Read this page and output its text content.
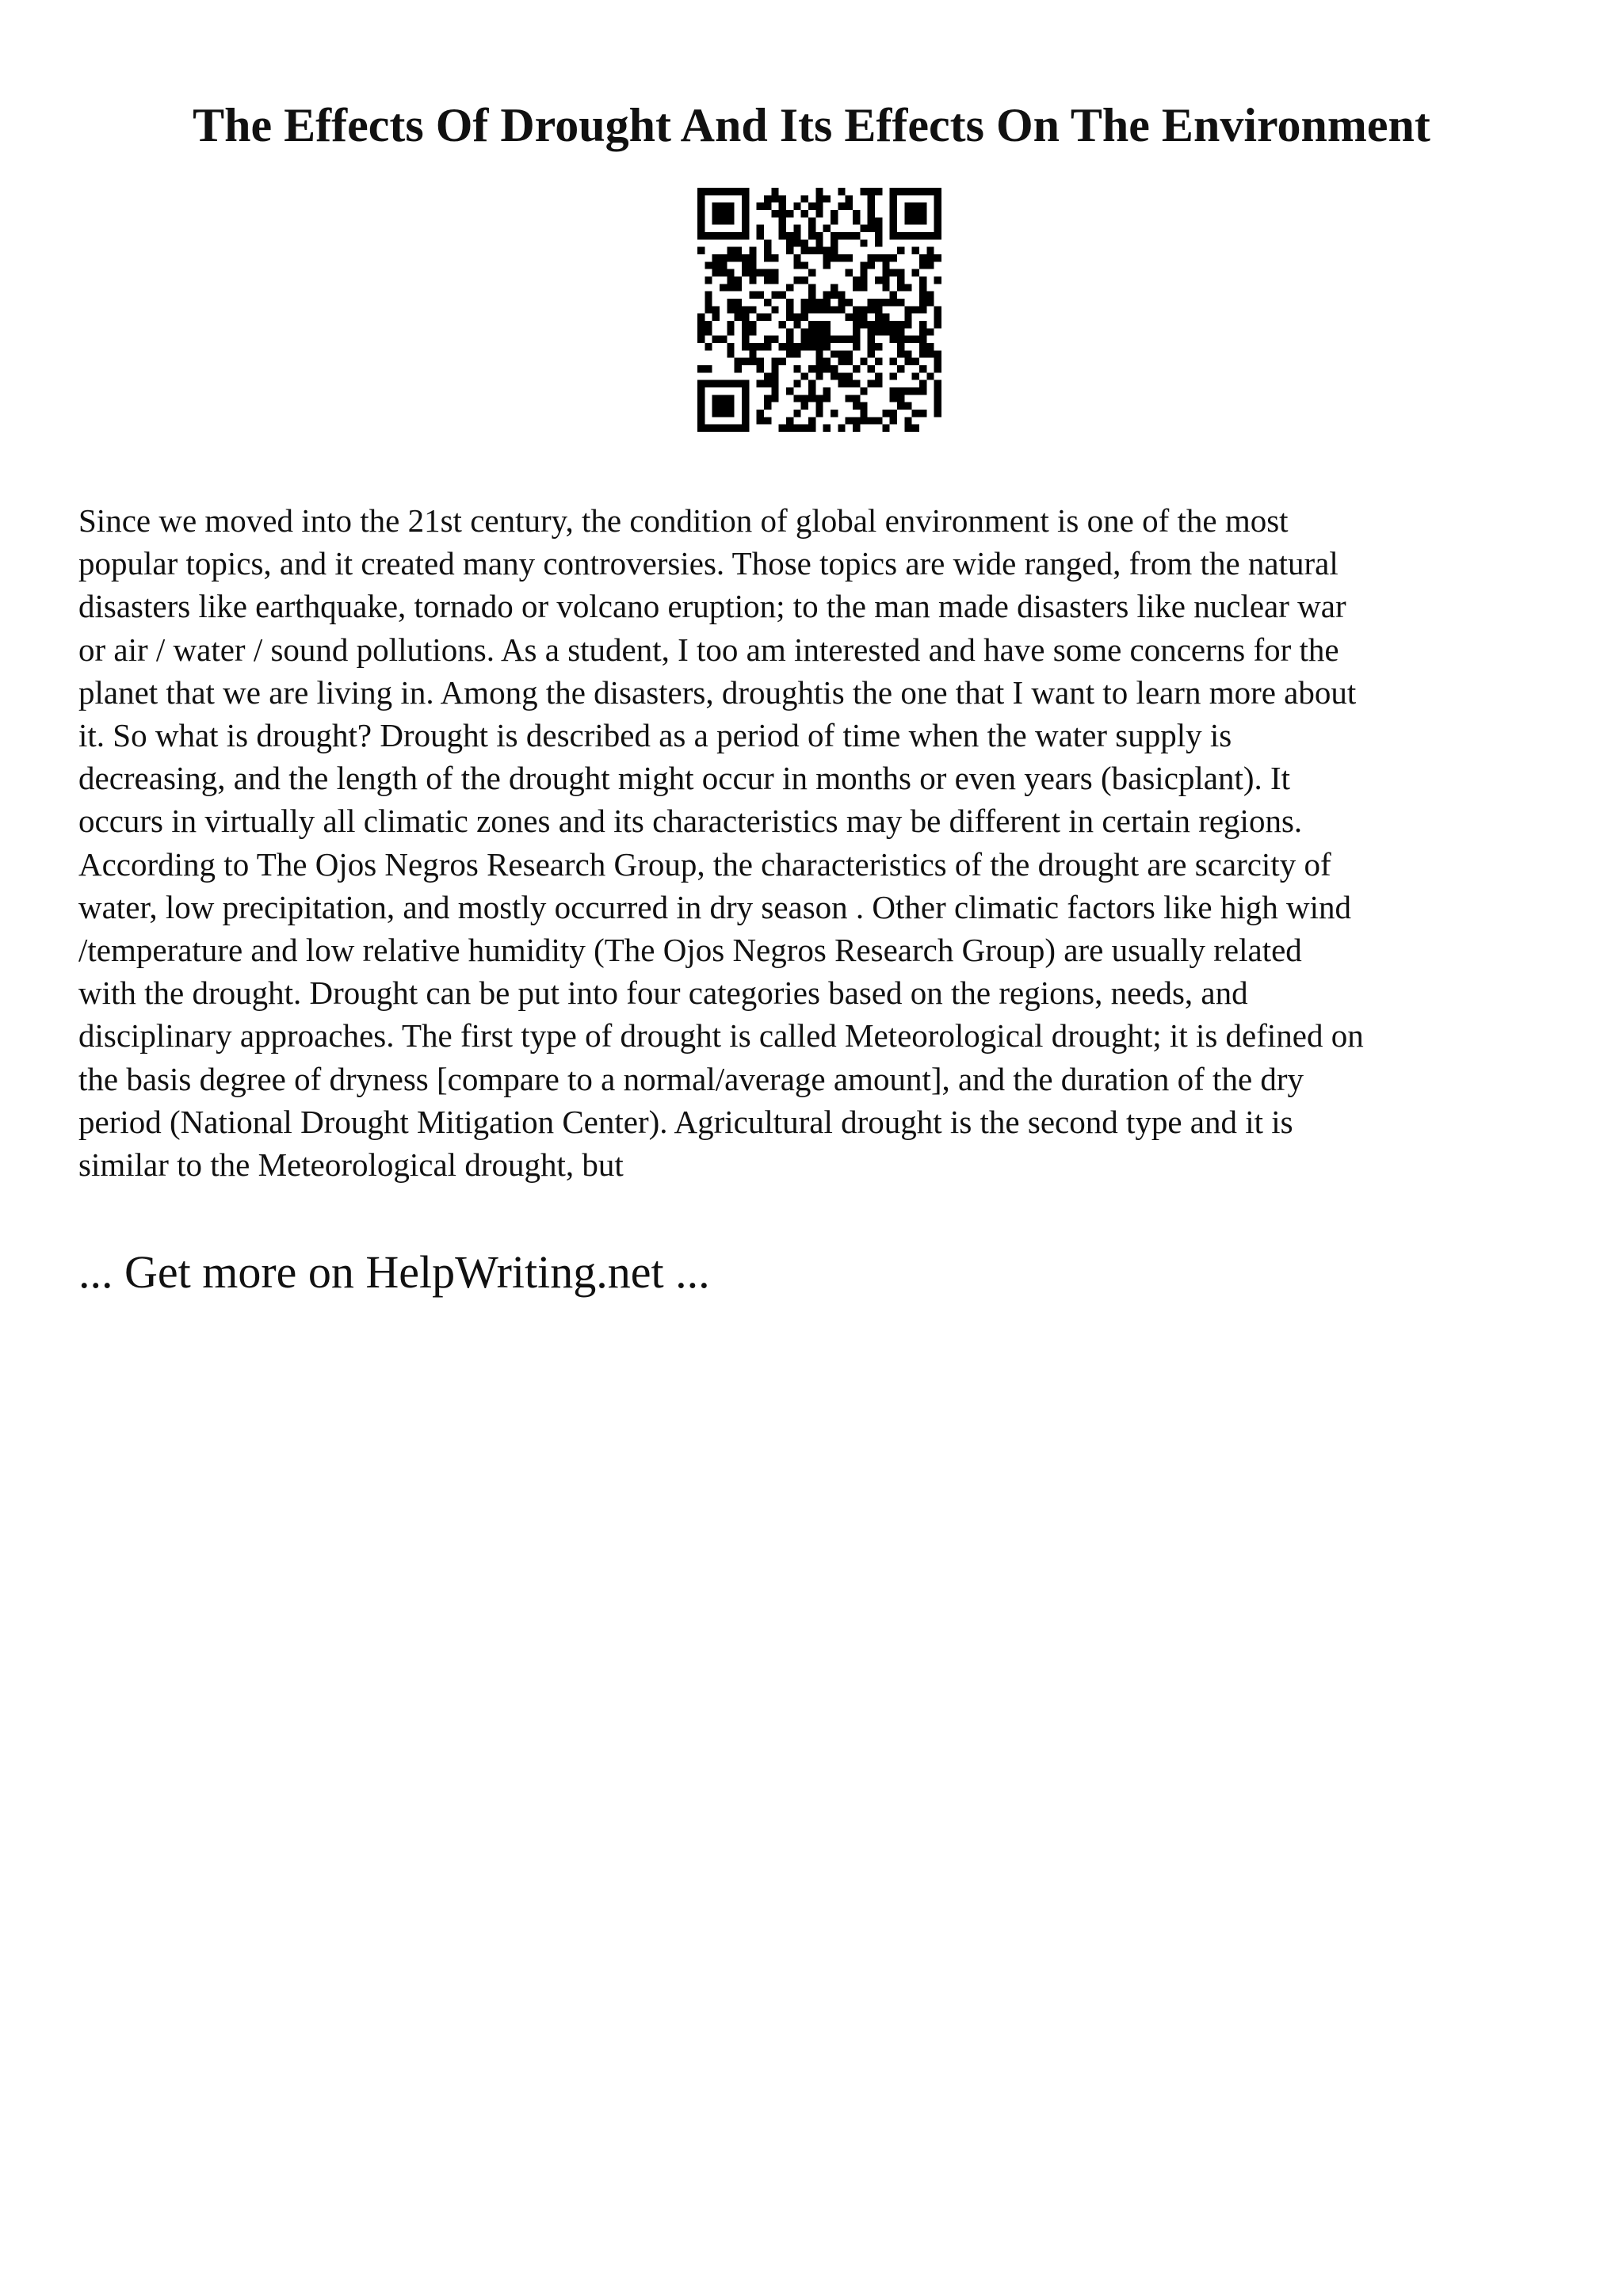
The Effects Of Drought And Its Effects On The Environment

Since we moved into the 21st century, the condition of global environment is one of the most
popular topics, and it created many controversies. Those topics are wide ranged, from the natural
disasters like earthquake, tornado or volcano eruption; to the man made disasters like nuclear war
or air / water / sound pollutions. As a student, I too am interested and have some concerns for the
planet that we are living in. Among the disasters, droughtis the one that I want to learn more about
it. So what is drought? Drought is described as a period of time when the water supply is
decreasing, and the length of the drought might occur in months or even years (basicplant). It
occurs in virtually all climatic zones and its characteristics may be different in certain regions.
According to The Ojos Negros Research Group, the characteristics of the drought are scarcity of
water, low precipitation, and mostly occurred in dry season . Other climatic factors like high wind
/temperature and low relative humidity (The Ojos Negros Research Group) are usually related
with the drought. Drought can be put into four categories based on the regions, needs, and
disciplinary approaches. The first type of drought is called Meteorological drought; it is defined on
the basis degree of dryness [compare to a normal/average amount], and the duration of the dry
period (National Drought Mitigation Center). Agricultural drought is the second type and it is
similar to the Meteorological drought, but

... Get more on HelpWriting.net ...
